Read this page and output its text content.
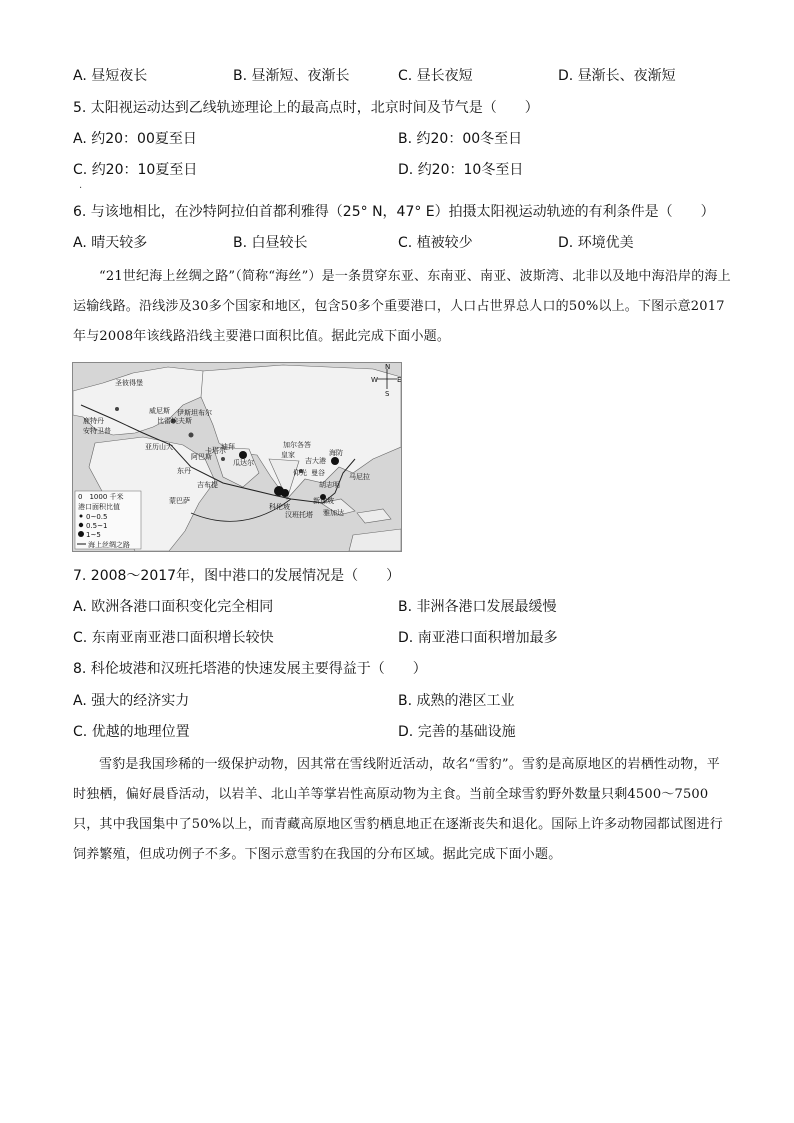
A. 昼短夜长	B. 昼渐短、夜渐长	C. 昼长夜短	D. 昼渐长、夜渐短
5. 太阳视运动达到乙线轨迹理论上的最高点时，北京时间及节气是（　　）
A. 约20：00夏至日	B. 约20：00冬至日
C. 约20：10夏至日	D. 约20：10冬至日
·
6. 与该地相比，在沙特阿拉伯首都利雅得（25° N，47° E）拍摄太阳视运动轨迹的有利条件是（　　）
A. 晴天较多	B. 白昼较长	C. 植被较少	D. 环境优美

“21世纪海上丝绸之路”（简称“海丝”）是一条贯穿东亚、东南亚、南亚、波斯湾、北非以及地中海沿岸的海上运输线路。沿线涉及30多个国家和地区，包含50多个重要港口，人口占世界总人口的50%以上。下图示意2017年与2008年该线路沿线主要港口面积比值。据此完成下面小题。

圣彼得堡
威尼斯
鹿特丹
安特卫普
比雷埃夫斯
伊斯坦布尔
亚历山大	卡塔尔
迪拜
吉大港
科伦坡
汉班托塔
瓜达尔
东丹
阿巴斯
吉布提
加尔各答
皇家
曼谷
海防
马尼拉
新加坡
雅加达
胡志明
仰光
蒙巴萨
N
W	E
S
0　1000 千米
港口面积比值
0~0.5
0.5~1
1~5
海上丝绸之路
7. 2008～2017年，图中港口的发展情况是（　　）
A. 欧洲各港口面积变化完全相同	B. 非洲各港口发展最缓慢
C. 东南亚南亚港口面积增长较快	D. 南亚港口面积增加最多
8. 科伦坡港和汉班托塔港的快速发展主要得益于（　　）
A. 强大的经济实力	B. 成熟的港区工业
C. 优越的地理位置	D. 完善的基础设施

雪豹是我国珍稀的一级保护动物，因其常在雪线附近活动，故名“雪豹”。雪豹是高原地区的岩栖性动物，平时独栖，偏好晨昏活动，以岩羊、北山羊等掌岩性高原动物为主食。当前全球雪豹野外数量只剩4500～7500只，其中我国集中了50%以上，而青藏高原地区雪豹栖息地正在逐渐丧失和退化。国际上许多动物园都试图进行饲养繁殖，但成功例子不多。下图示意雪豹在我国的分布区域。据此完成下面小题。
